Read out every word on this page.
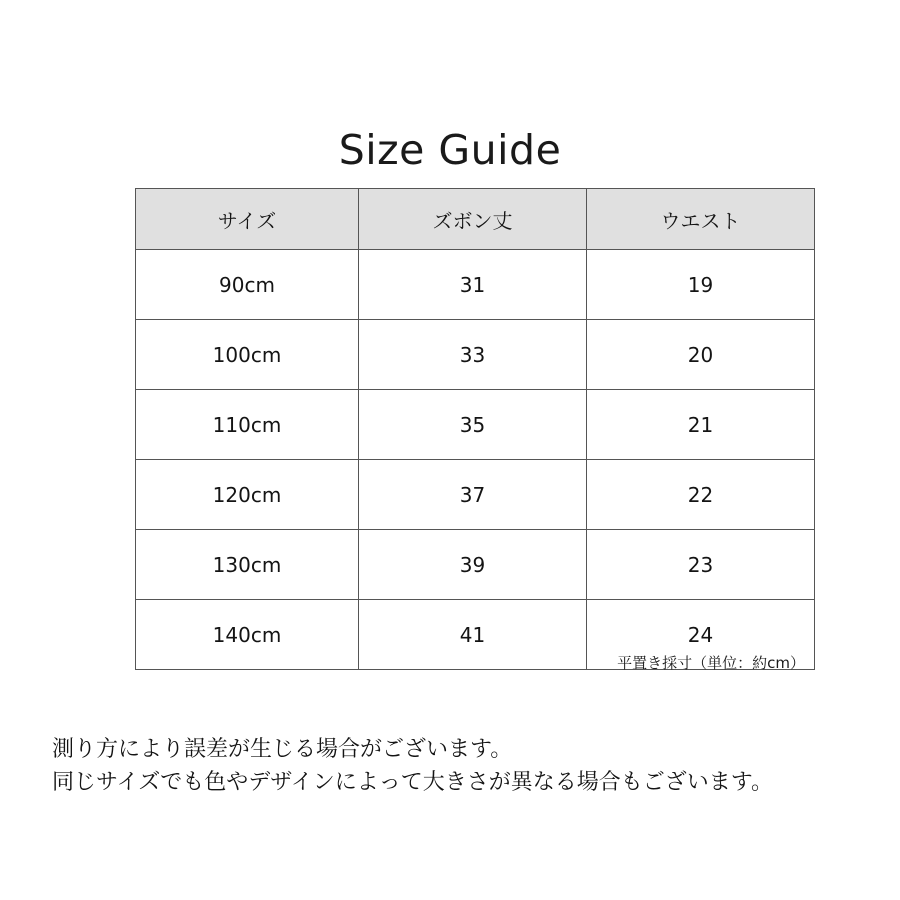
Size Guide
サイズ	ズボン丈	ウエスト
90cm	31	19
100cm	33	20
110cm	35	21
120cm	37	22
130cm	39	23
140cm	41	24
平置き採寸（単位：約cm）
測り方により誤差が生じる場合がございます。
同じサイズでも色やデザインによって大きさが異なる場合もございます。
